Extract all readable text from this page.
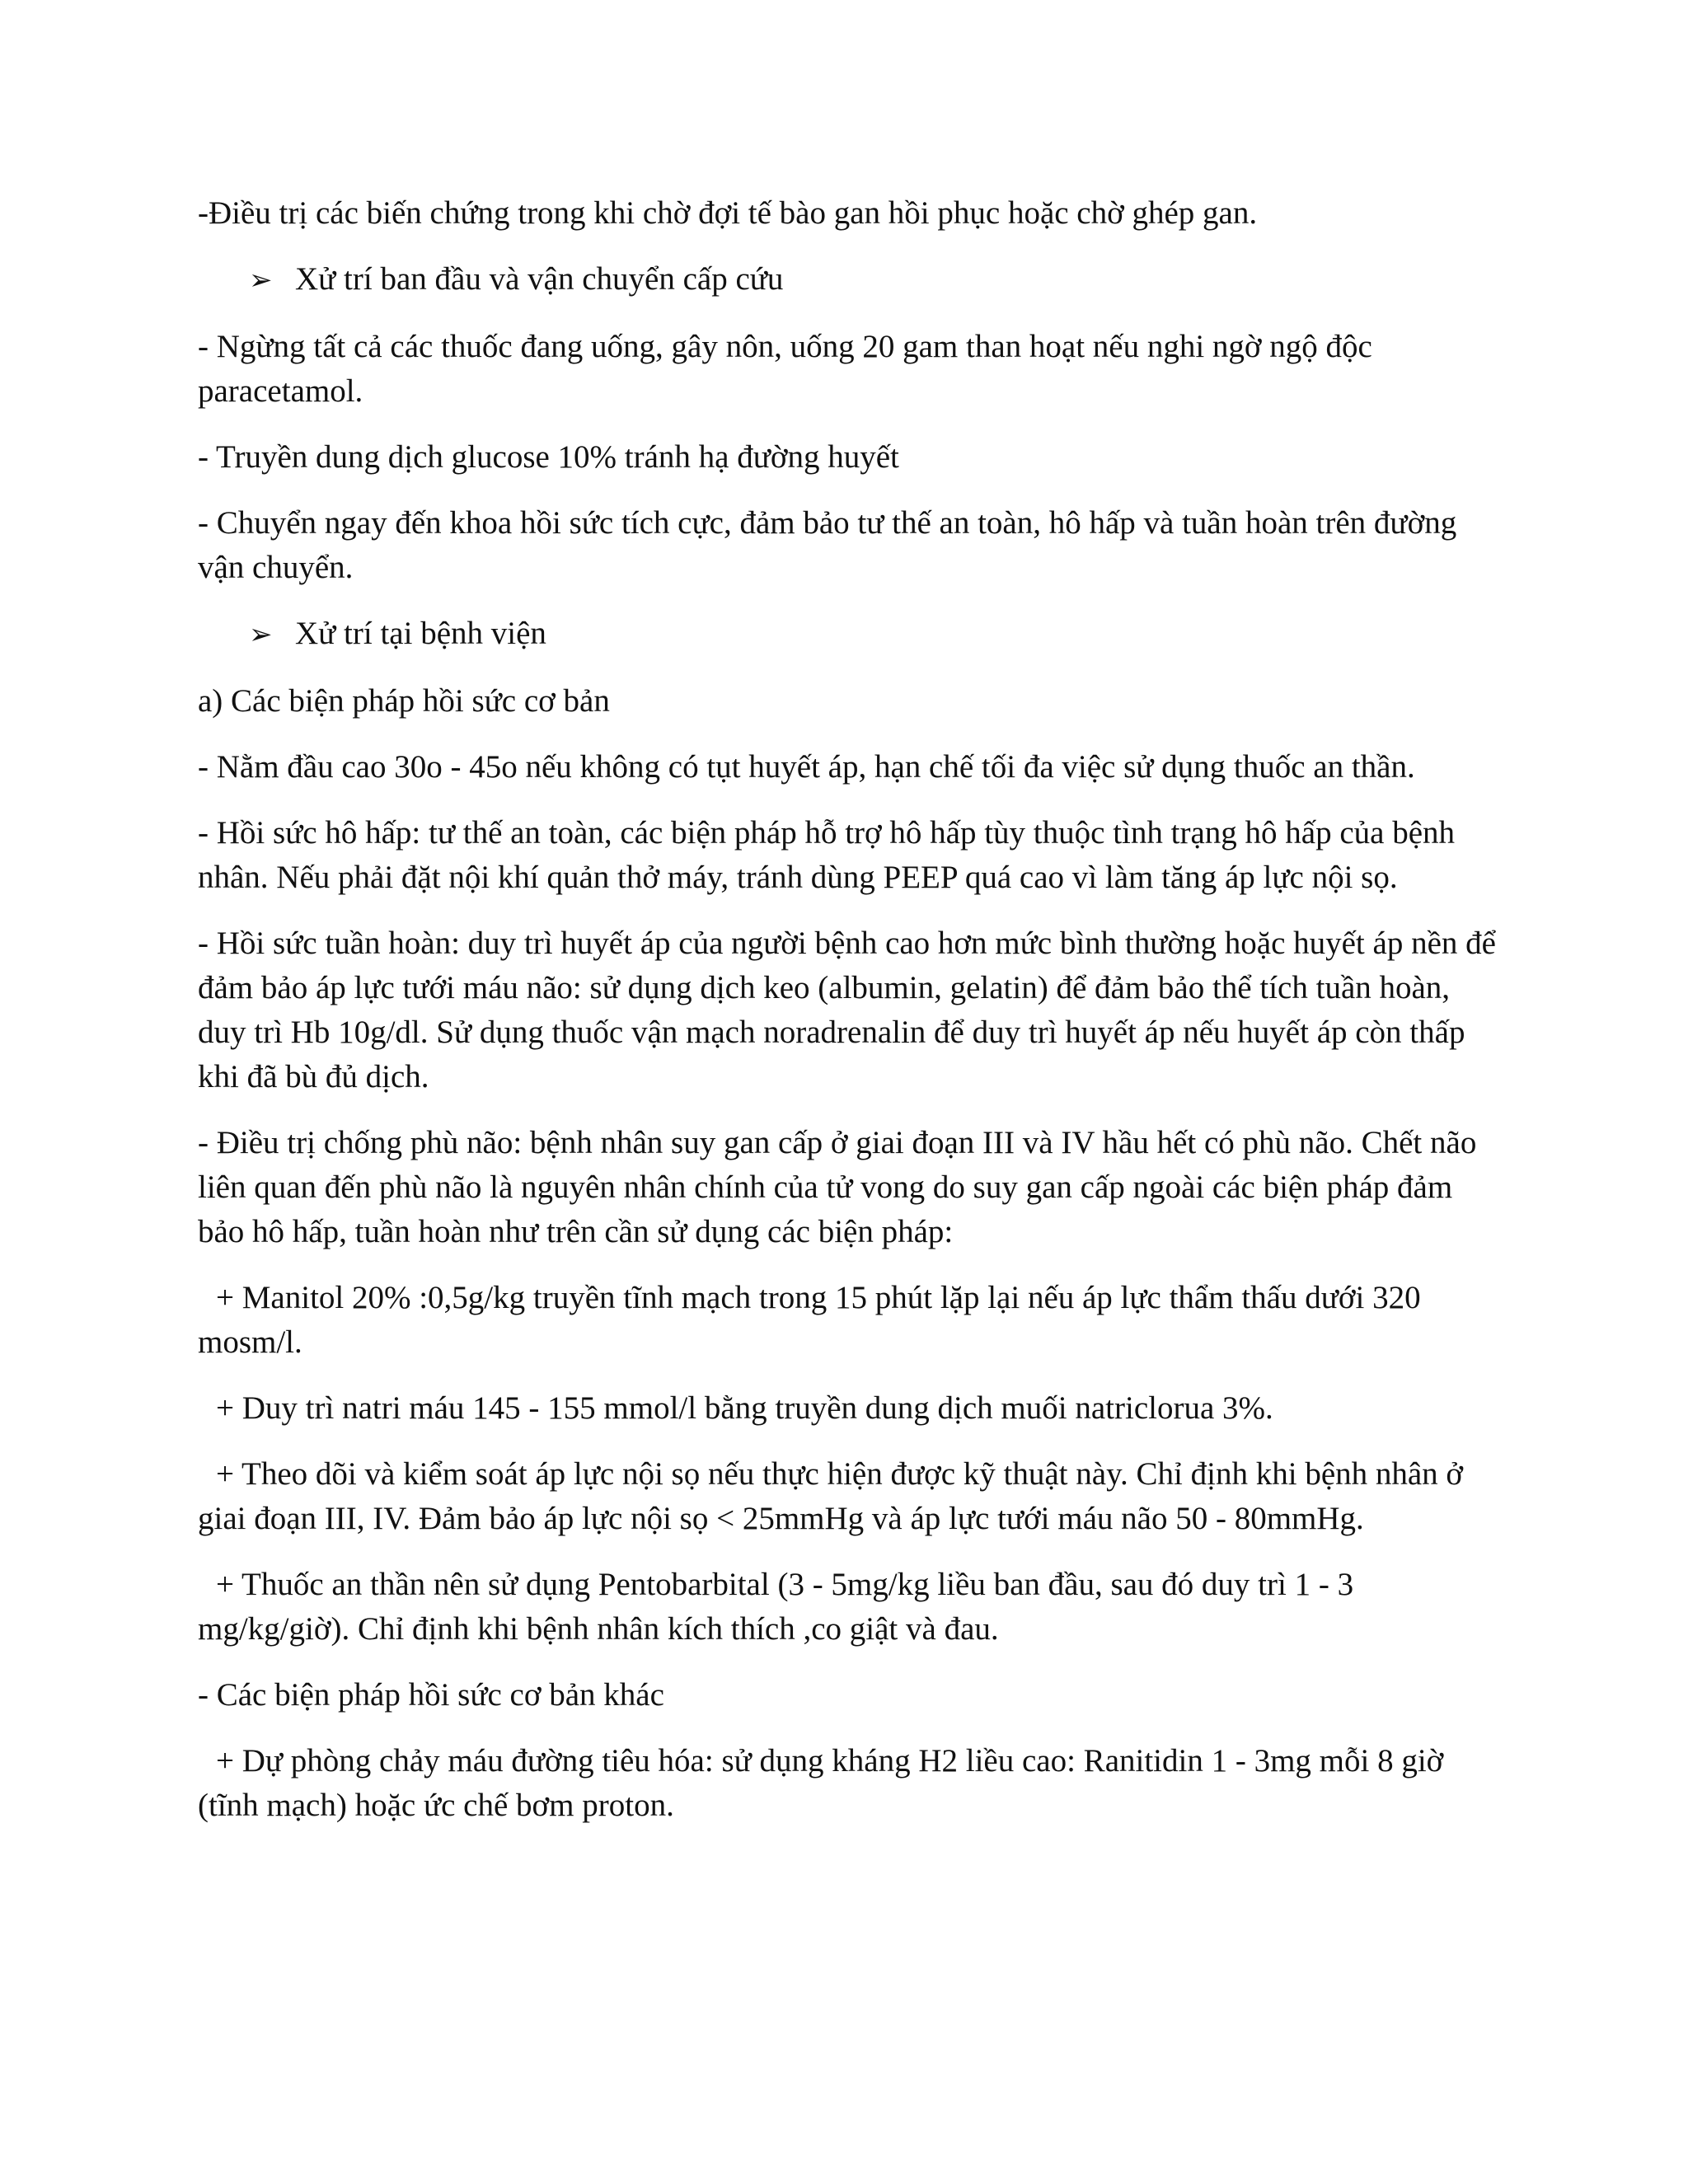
-Điều trị các biến chứng trong khi chờ đợi tế bào gan hồi phục hoặc chờ ghép gan.

➢ Xử trí ban đầu và vận chuyển cấp cứu

- Ngừng tất cả các thuốc đang uống, gây nôn, uống 20 gam than hoạt nếu nghi ngờ ngộ độc paracetamol.

- Truyền dung dịch glucose 10% tránh hạ đường huyết

- Chuyển ngay đến khoa hồi sức tích cực, đảm bảo tư thế an toàn, hô hấp và tuần hoàn trên đường vận chuyển.

➢ Xử trí tại bệnh viện

a) Các biện pháp hồi sức cơ bản

- Nằm đầu cao 30o - 45o nếu không có tụt huyết áp, hạn chế tối đa việc sử dụng thuốc an thần.

- Hồi sức hô hấp: tư thế an toàn, các biện pháp hỗ trợ hô hấp tùy thuộc tình trạng hô hấp của bệnh nhân. Nếu phải đặt nội khí quản thở máy, tránh dùng PEEP quá cao vì làm tăng áp lực nội sọ.

- Hồi sức tuần hoàn: duy trì huyết áp của người bệnh cao hơn mức bình thường hoặc huyết áp nền để đảm bảo áp lực tưới máu não: sử dụng dịch keo (albumin, gelatin) để đảm bảo thể tích tuần hoàn, duy trì Hb 10g/dl. Sử dụng thuốc vận mạch noradrenalin để duy trì huyết áp nếu huyết áp còn thấp khi đã bù đủ dịch.

- Điều trị chống phù não: bệnh nhân suy gan cấp ở giai đoạn III và IV hầu hết có phù não. Chết não liên quan đến phù não là nguyên nhân chính của tử vong do suy gan cấp ngoài các biện pháp đảm bảo hô hấp, tuần hoàn như trên cần sử dụng các biện pháp:

+ Manitol 20% :0,5g/kg truyền tĩnh mạch trong 15 phút lặp lại nếu áp lực thẩm thấu dưới 320 mosm/l.

+ Duy trì natri máu 145 - 155 mmol/l bằng truyền dung dịch muối natriclorua 3%.

+ Theo dõi và kiểm soát áp lực nội sọ nếu thực hiện được kỹ thuật này. Chỉ định khi bệnh nhân ở giai đoạn III, IV. Đảm bảo áp lực nội sọ < 25mmHg và áp lực tưới máu não 50 - 80mmHg.

+ Thuốc an thần nên sử dụng Pentobarbital (3 - 5mg/kg liều ban đầu, sau đó duy trì 1 - 3 mg/kg/giờ). Chỉ định khi bệnh nhân kích thích ,co giật và đau.

- Các biện pháp hồi sức cơ bản khác

+ Dự phòng chảy máu đường tiêu hóa: sử dụng kháng H2 liều cao: Ranitidin 1 - 3mg mỗi 8 giờ (tĩnh mạch) hoặc ức chế bơm proton.
